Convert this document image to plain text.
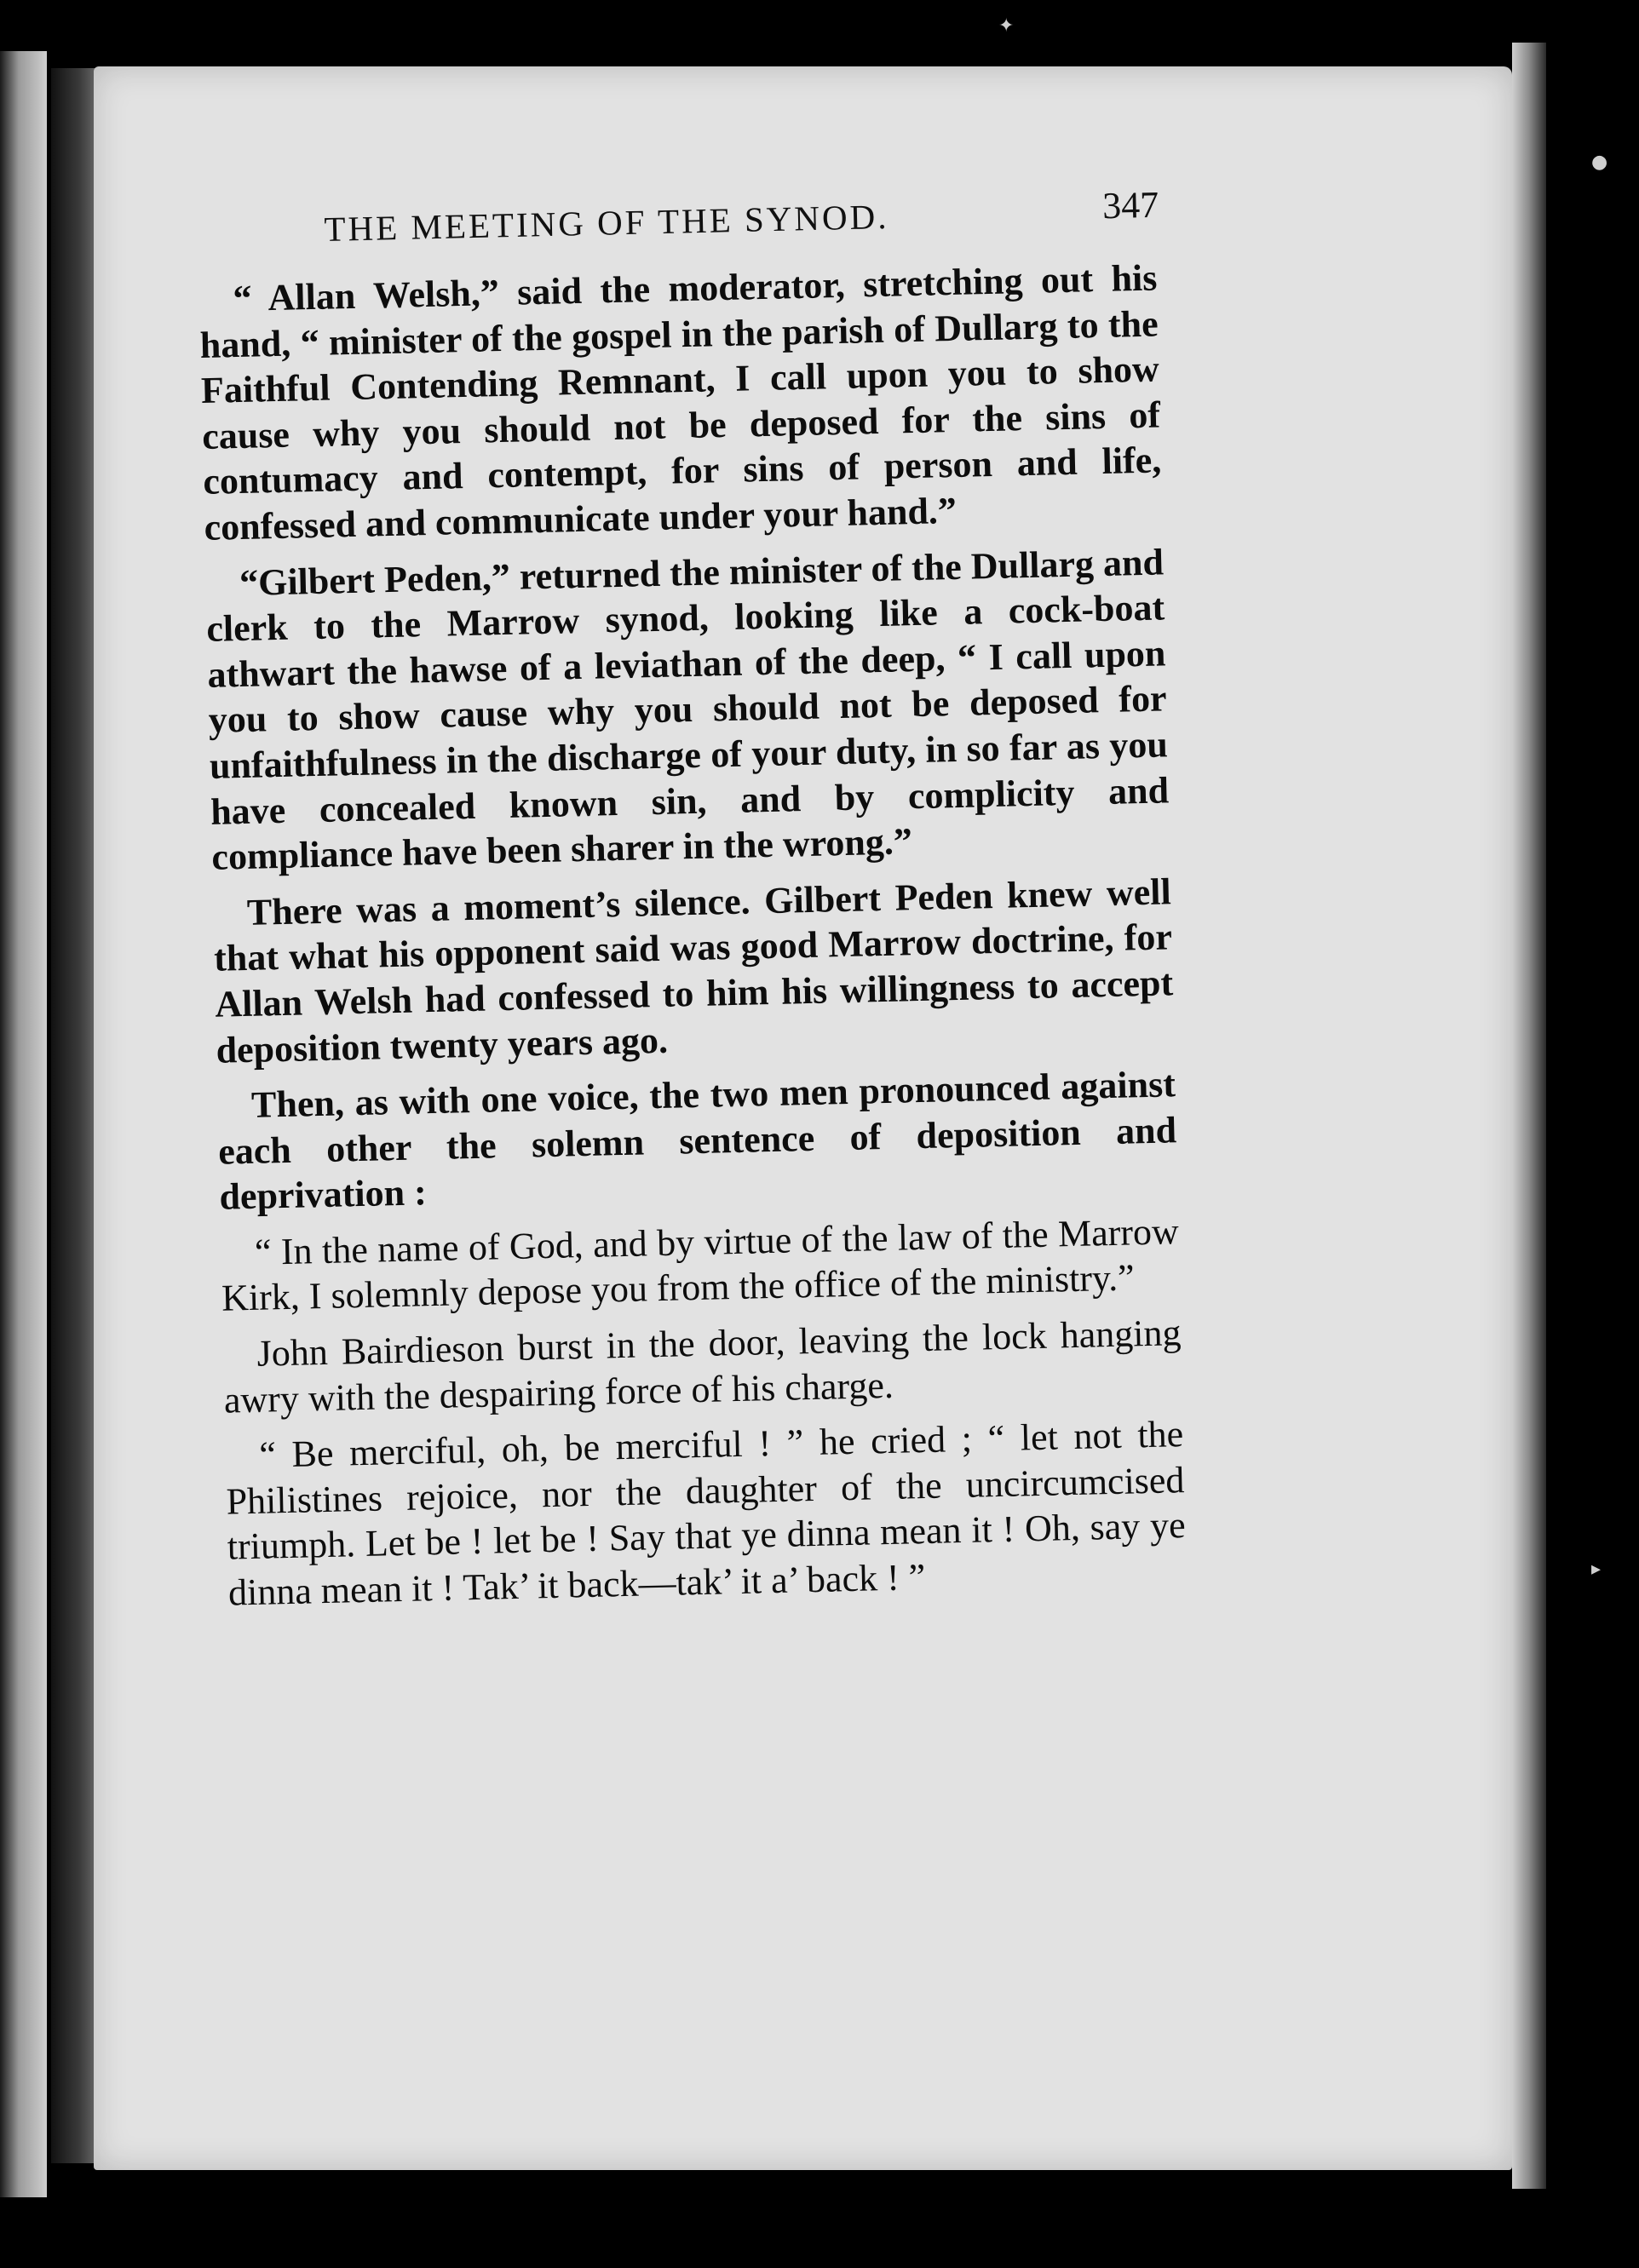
THE MEETING OF THE SYNOD.	347

“ Allan Welsh,” said the moderator, stretching out his hand, “ minister of the gospel in the parish of Dullarg to the Faithful Contending Remnant, I call upon you to show cause why you should not be deposed for the sins of contumacy and contempt, for sins of person and life, confessed and communicate under your hand.”

“Gilbert Peden,” returned the minister of the Dullarg and clerk to the Marrow synod, looking like a cock-boat athwart the hawse of a leviathan of the deep, “ I call upon you to show cause why you should not be deposed for unfaithfulness in the discharge of your duty, in so far as you have concealed known sin, and by complicity and compliance have been sharer in the wrong.”

There was a moment’s silence. Gilbert Peden knew well that what his opponent said was good Marrow doctrine, for Allan Welsh had confessed to him his willingness to accept deposition twenty years ago.

Then, as with one voice, the two men pronounced against each other the solemn sentence of deposition and deprivation :

“ In the name of God, and by virtue of the law of the Marrow Kirk, I solemnly depose you from the office of the ministry.”

John Bairdieson burst in the door, leaving the lock hanging awry with the despairing force of his charge.

“ Be merciful, oh, be merciful ! ” he cried ; “ let not the Philistines rejoice, nor the daughter of the uncircumcised triumph. Let be ! let be ! Say that ye dinna mean it ! Oh, say ye dinna mean it ! Tak’ it back—tak’ it a’ back ! ”

✦
●
▸
